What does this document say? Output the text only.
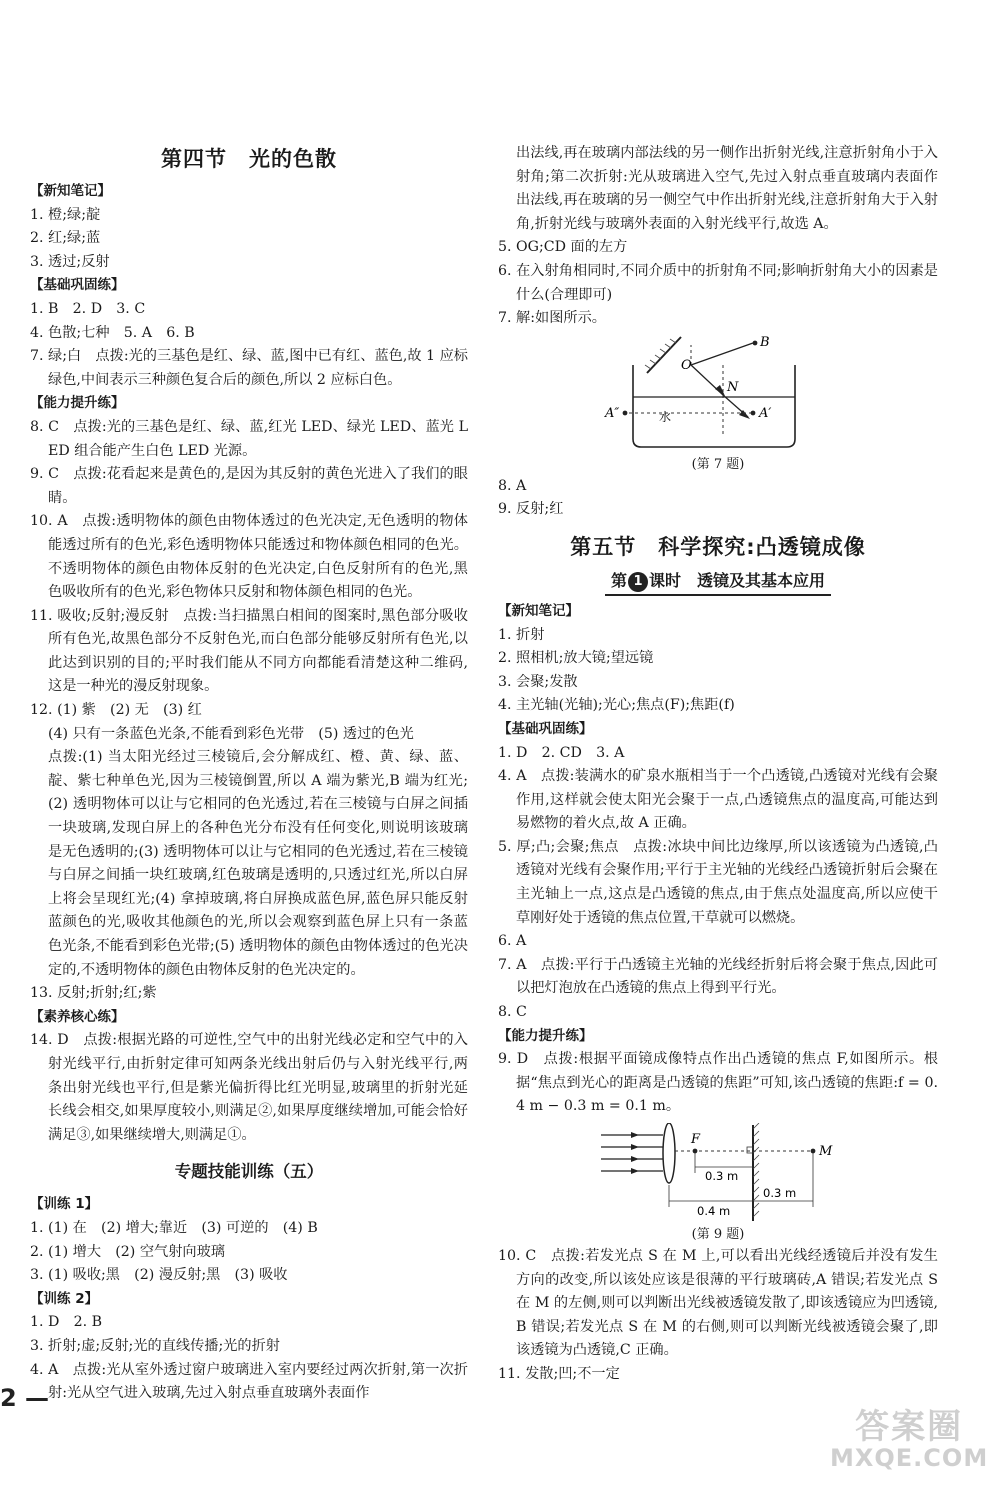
第四节　光的色散
【新知笔记】
1. 橙;绿;靛
2. 红;绿;蓝
3. 透过;反射
【基础巩固练】
1. B　2. D　3. C
4. 色散;七种　5. A　6. B
7. 绿;白　点拨:光的三基色是红、绿、蓝,图中已有红、蓝色,故 1 应标绿色,中间表示三种颜色复合后的颜色,所以 2 应标白色。
【能力提升练】
8. C　点拨:光的三基色是红、绿、蓝,红光 LED、绿光 LED、蓝光 LED 组合能产生白色 LED 光源。
9. C　点拨:花看起来是黄色的,是因为其反射的黄色光进入了我们的眼睛。
10. A　点拨:透明物体的颜色由物体透过的色光决定,无色透明的物体能透过所有的色光,彩色透明物体只能透过和物体颜色相同的色光。不透明物体的颜色由物体反射的色光决定,白色反射所有的色光,黑色吸收所有的色光,彩色物体只反射和物体颜色相同的色光。
11. 吸收;反射;漫反射　点拨:当扫描黑白相间的图案时,黑色部分吸收所有色光,故黑色部分不反射色光,而白色部分能够反射所有色光,以此达到识别的目的;平时我们能从不同方向都能看清楚这种二维码,这是一种光的漫反射现象。
12. (1) 紫　(2) 无　(3) 红
(4) 只有一条蓝色光条,不能看到彩色光带　(5) 透过的色光
点拨:(1) 当太阳光经过三棱镜后,会分解成红、橙、黄、绿、蓝、靛、紫七种单色光,因为三棱镜倒置,所以 A 端为紫光,B 端为红光;(2) 透明物体可以让与它相同的色光透过,若在三棱镜与白屏之间插一块玻璃,发现白屏上的各种色光分布没有任何变化,则说明该玻璃是无色透明的;(3) 透明物体可以让与它相同的色光透过,若在三棱镜与白屏之间插一块红玻璃,红色玻璃是透明的,只透过红光,所以白屏上将会呈现红光;(4) 拿掉玻璃,将白屏换成蓝色屏,蓝色屏只能反射蓝颜色的光,吸收其他颜色的光,所以会观察到蓝色屏上只有一条蓝色光条,不能看到彩色光带;(5) 透明物体的颜色由物体透过的色光决定的,不透明物体的颜色由物体反射的色光决定的。
13. 反射;折射;红;紫
【素养核心练】
14. D　点拨:根据光路的可逆性,空气中的出射光线必定和空气中的入射光线平行,由折射定律可知两条光线出射后仍与入射光线平行,两条出射光线也平行,但是紫光偏折得比红光明显,玻璃里的折射光延长线会相交,如果厚度较小,则满足②,如果厚度继续增加,可能会恰好满足③,如果继续增大,则满足①。
专题技能训练（五）
【训练 1】
1. (1) 在　(2) 增大;靠近　(3) 可逆的　(4) B
2. (1) 增大　(2) 空气射向玻璃
3. (1) 吸收;黑　(2) 漫反射;黑　(3) 吸收
【训练 2】
1. D　2. B
3. 折射;虚;反射;光的直线传播;光的折射
4. A　点拨:光从室外透过窗户玻璃进入室内要经过两次折射,第一次折射:光从空气进入玻璃,先过入射点垂直玻璃外表面作
出法线,再在玻璃内部法线的另一侧作出折射光线,注意折射角小于入射角;第二次折射:光从玻璃进入空气,先过入射点垂直玻璃内表面作出法线,再在玻璃的另一侧空气中作出折射光线,注意折射角大于入射角,折射光线与玻璃外表面的入射光线平行,故选 A。
5. OG;CD 面的左方
6. 在入射角相同时,不同介质中的折射角不同;影响折射角大小的因素是什么(合理即可)
7. 解:如图所示。
B
O
N
A″	A′
水
(第 7 题)
8. A
9. 反射;红
第五节　科学探究:凸透镜成像
第 1 课时　透镜及其基本应用
【新知笔记】
1. 折射
2. 照相机;放大镜;望远镜
3. 会聚;发散
4. 主光轴(光轴);光心;焦点(F);焦距(f)
【基础巩固练】
1. D　2. CD　3. A
4. A　点拨:装满水的矿泉水瓶相当于一个凸透镜,凸透镜对光线有会聚作用,这样就会使太阳光会聚于一点,凸透镜焦点的温度高,可能达到易燃物的着火点,故 A 正确。
5. 厚;凸;会聚;焦点　点拨:冰块中间比边缘厚,所以该透镜为凸透镜,凸透镜对光线有会聚作用;平行于主光轴的光线经凸透镜折射后会聚在主光轴上一点,这点是凸透镜的焦点,由于焦点处温度高,所以应使干草刚好处于透镜的焦点位置,干草就可以燃烧。
6. A
7. A　点拨:平行于凸透镜主光轴的光线经折射后将会聚于焦点,因此可以把灯泡放在凸透镜的焦点上得到平行光。
8. C
【能力提升练】
9. D　点拨:根据平面镜成像特点作出凸透镜的焦点 F,如图所示。根据“焦点到光心的距离是凸透镜的焦距”可知,该凸透镜的焦距:f = 0.4 m − 0.3 m = 0.1 m。
F
M
0.3 m
0.4 m
0.3 m
(第 9 题)
10. C　点拨:若发光点 S 在 M 上,可以看出光线经透镜后并没有发生方向的改变,所以该处应该是很薄的平行玻璃砖,A 错误;若发光点 S 在 M 的左侧,则可以判断出光线被透镜发散了,即该透镜应为凹透镜,B 错误;若发光点 S 在 M 的右侧,则可以判断光线被透镜会聚了,即该透镜为凸透镜,C 正确。
11. 发散;凹;不一定
2 —
答案圈
MXQE.COM
